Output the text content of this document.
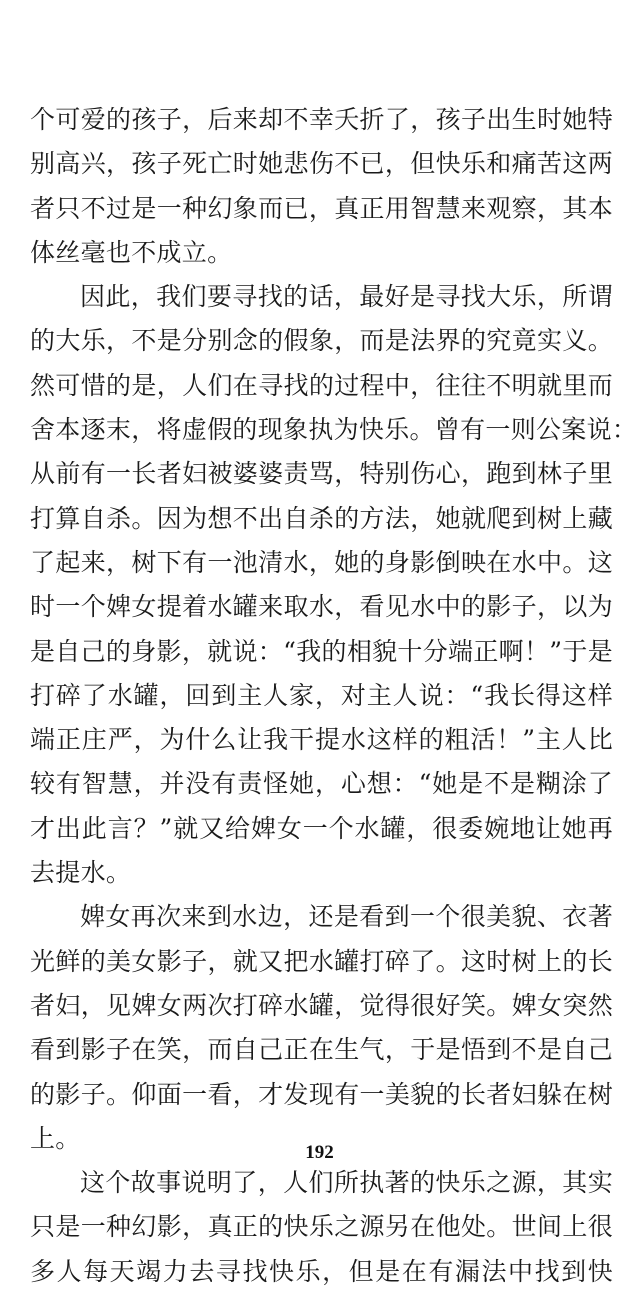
个可爱的孩子，后来却不幸夭折了，孩子出生时她特
别高兴，孩子死亡时她悲伤不已，但快乐和痛苦这两
者只不过是一种幻象而已，真正用智慧来观察，其本
体丝毫也不成立。
因此，我们要寻找的话，最好是寻找大乐，所谓
的大乐，不是分别念的假象，而是法界的究竟实义。
然可惜的是，人们在寻找的过程中，往往不明就里而
舍本逐末，将虚假的现象执为快乐。曾有一则公案说：
从前有一长者妇被婆婆责骂，特别伤心，跑到林子里
打算自杀。因为想不出自杀的方法，她就爬到树上藏
了起来，树下有一池清水，她的身影倒映在水中。这
时一个婢女提着水罐来取水，看见水中的影子，以为
是自己的身影，就说：“我的相貌十分端正啊！”于是
打碎了水罐，回到主人家，对主人说：“我长得这样
端正庄严，为什么让我干提水这样的粗活！”主人比
较有智慧，并没有责怪她，心想：“她是不是糊涂了
才出此言？”就又给婢女一个水罐，很委婉地让她再
去提水。
婢女再次来到水边，还是看到一个很美貌、衣著
光鲜的美女影子，就又把水罐打碎了。这时树上的长
者妇，见婢女两次打碎水罐，觉得很好笑。婢女突然
看到影子在笑，而自己正在生气，于是悟到不是自己
的影子。仰面一看，才发现有一美貌的长者妇躲在树
上。
这个故事说明了，人们所执著的快乐之源，其实
只是一种幻影，真正的快乐之源另在他处。世间上很
多人每天竭力去寻找快乐，但是在有漏法中找到快
192
